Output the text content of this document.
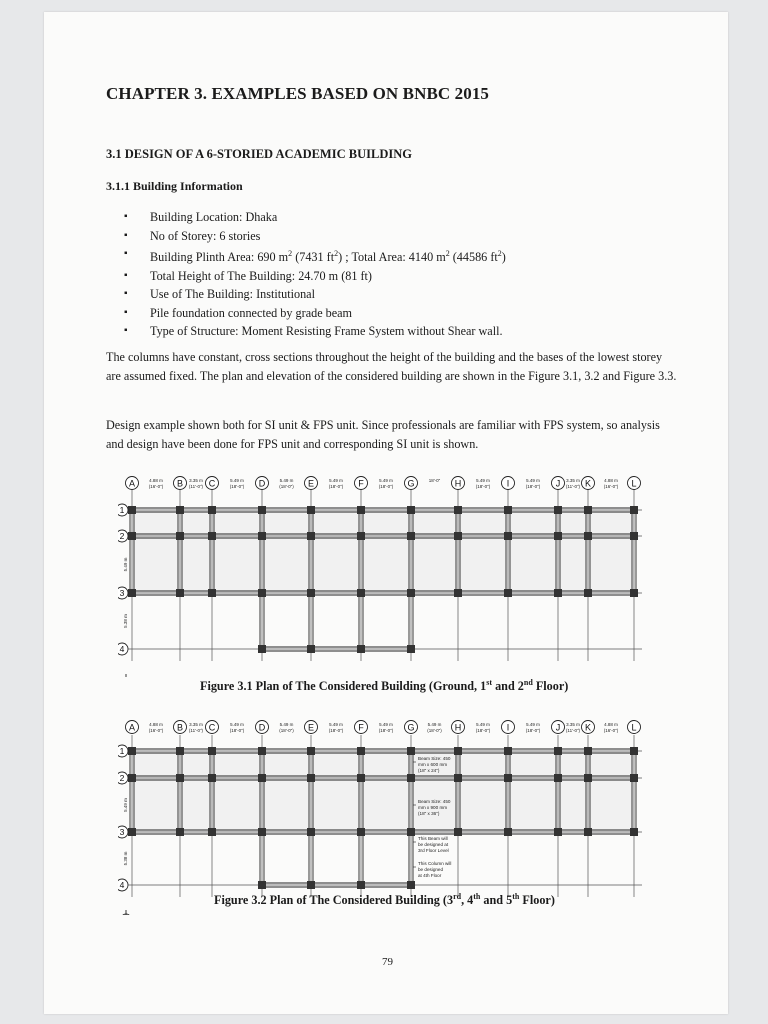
CHAPTER 3. EXAMPLES BASED ON BNBC 2015
3.1 DESIGN OF A 6-STORIED ACADEMIC BUILDING
3.1.1 Building Information
▪ Building Location: Dhaka
▪ No of Storey: 6 stories
▪ Building Plinth Area: 690 $m^2$ (7431 $ft^2$) ; Total Area: 4140 $m^2$ (44586 $ft^2$)
▪ Total Height of The Building: 24.70 m (81 ft)
▪ Use of The Building: Institutional
▪ Pile foundation connected by grade beam
▪ Type of Structure: Moment Resisting Frame System without Shear wall.
The columns have constant, cross sections throughout the height of the building and the bases of the lowest storey are assumed fixed. The plan and elevation of the considered building are shown in the Figure 3.1, 3.2 and Figure 3.3.
Design example shown both for SI unit & FPS unit. Since professionals are familiar with FPS system, so analysis and design have been done for FPS unit and corresponding SI unit is shown.
A	B	C	D	E	F	G	H	I	J	K	L
4.88 m
(16'-0")
3.35 m
(11'-0")
5.49 m
(18'-0")
5.49 m
(18'-0")
5.49 m
(18'-0")
5.49 m
(18'-0")
18'-0"	5.49 m
(18'-0")
5.49 m
(18'-0")
3.35 m
(11'-0")
4.88 m
(16'-0")
1
2
3
4
5.49 m
5.38 m
Figure 3.1 Plan of The Considered Building (Ground, 1st and 2nd Floor)
A	B	C	D	E	F	G	H	I	J	K	L
4.88 m
(16'-0")
3.35 m
(11'-0")
5.49 m
(18'-0")
5.49 m
(18'-0")
5.49 m
(18'-0")
5.49 m
(18'-0")
5.49 m
(18'-0")
5.49 m
(18'-0")
5.49 m
(18'-0")
3.35 m
(11'-0")
4.88 m
(16'-0")
1
2
3
4
5.49 m
5.38 m
Beam Size: 450
mm x 600 mm
(18" x 24")
Beam Size: 450
mm x 900 mm
(18" x 36")
This Beam will
be designed at
3rd Floor Level
This Column will
be designed
at 4th Floor
Figure 3.2 Plan of The Considered Building (3rd, 4th and 5th Floor)
79
